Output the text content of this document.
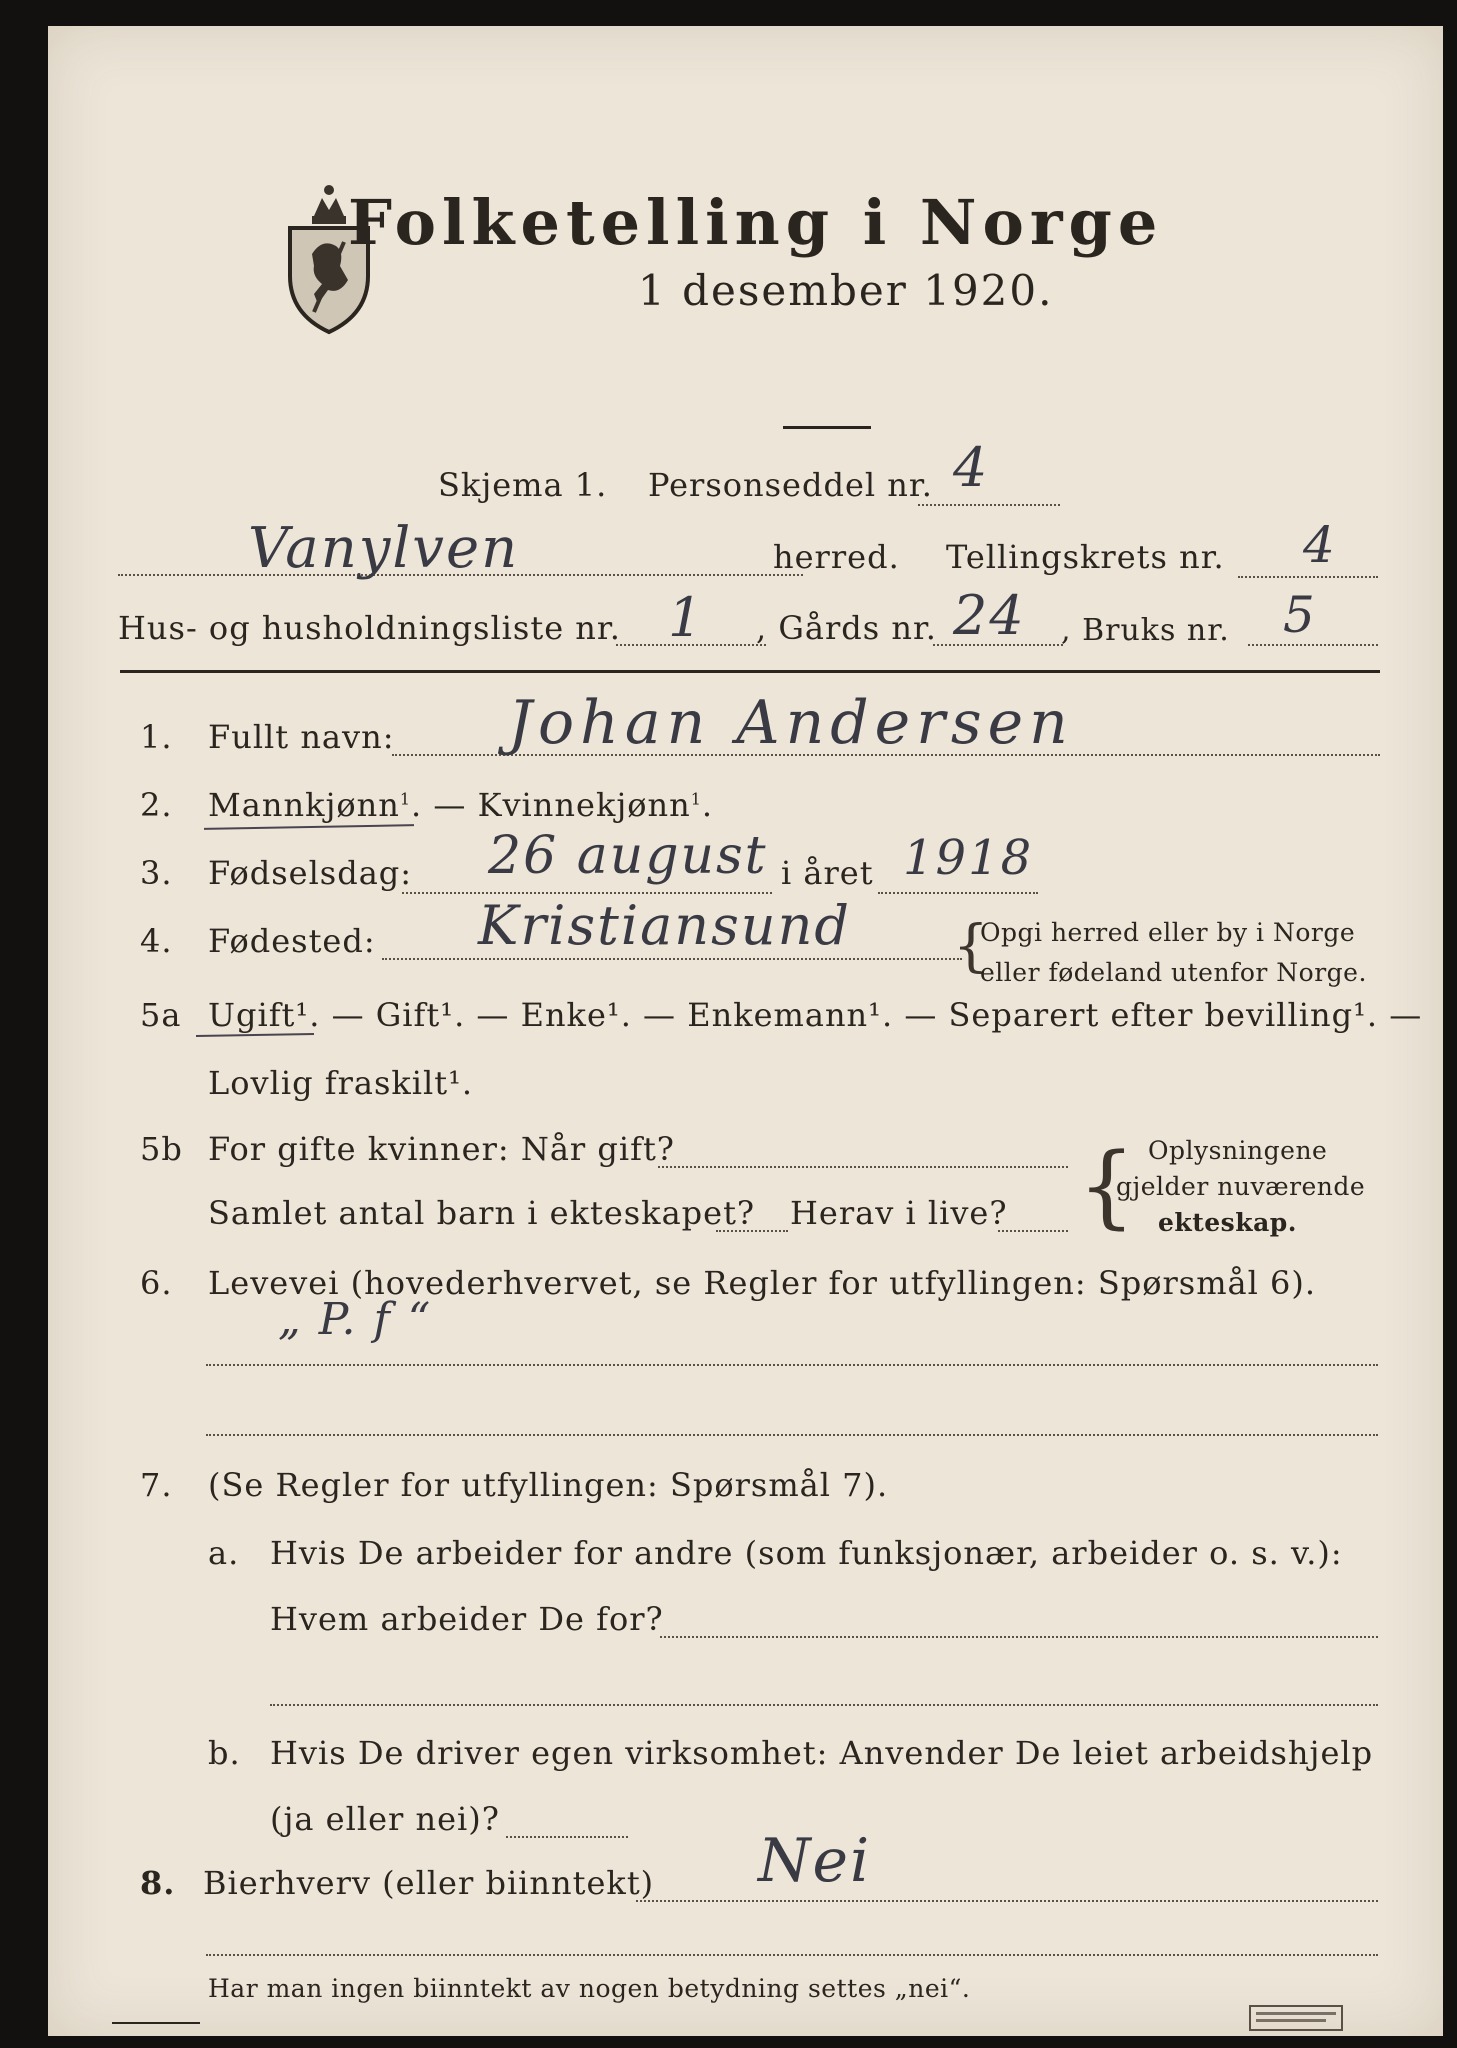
Folketelling i Norge
1 desember 1920.
Skjema 1. Personseddel nr. 4
Vanylven	herred. Tellingskrets nr. 4
Hus- og husholdningsliste nr. 1 , Gårds nr. 24 , Bruks nr. 5
1. Fullt navn: Johan Andersen
2. Mannkjønn$^1$. — Kvinnekjønn$^1$.
3. Fødselsdag: 26 august i året 1918
4. Fødested: Kristiansund {
Opgi herred eller by i Norge
eller fødeland utenfor Norge.
5a Ugift¹. — Gift¹. — Enke¹. — Enkemann¹. — Separert efter bevilling¹. —
Lovlig fraskilt¹.
5b For gifte kvinner: Når gift?
Samlet antal barn i ekteskapet? Herav i live? { Oplysningene
gjelder nuværende
ekteskap.
6. Levevei (hovederhvervet, se Regler for utfyllingen: Spørsmål 6).
„ P. f “
7. (Se Regler for utfyllingen: Spørsmål 7).
a. Hvis De arbeider for andre (som funksjonær, arbeider o. s. v.):
Hvem arbeider De for?
b. Hvis De driver egen virksomhet: Anvender De leiet arbeidshjelp
(ja eller nei)?
8. Bierhverv (eller biinntekt) Nei
Har man ingen biinntekt av nogen betydning settes „nei“.
